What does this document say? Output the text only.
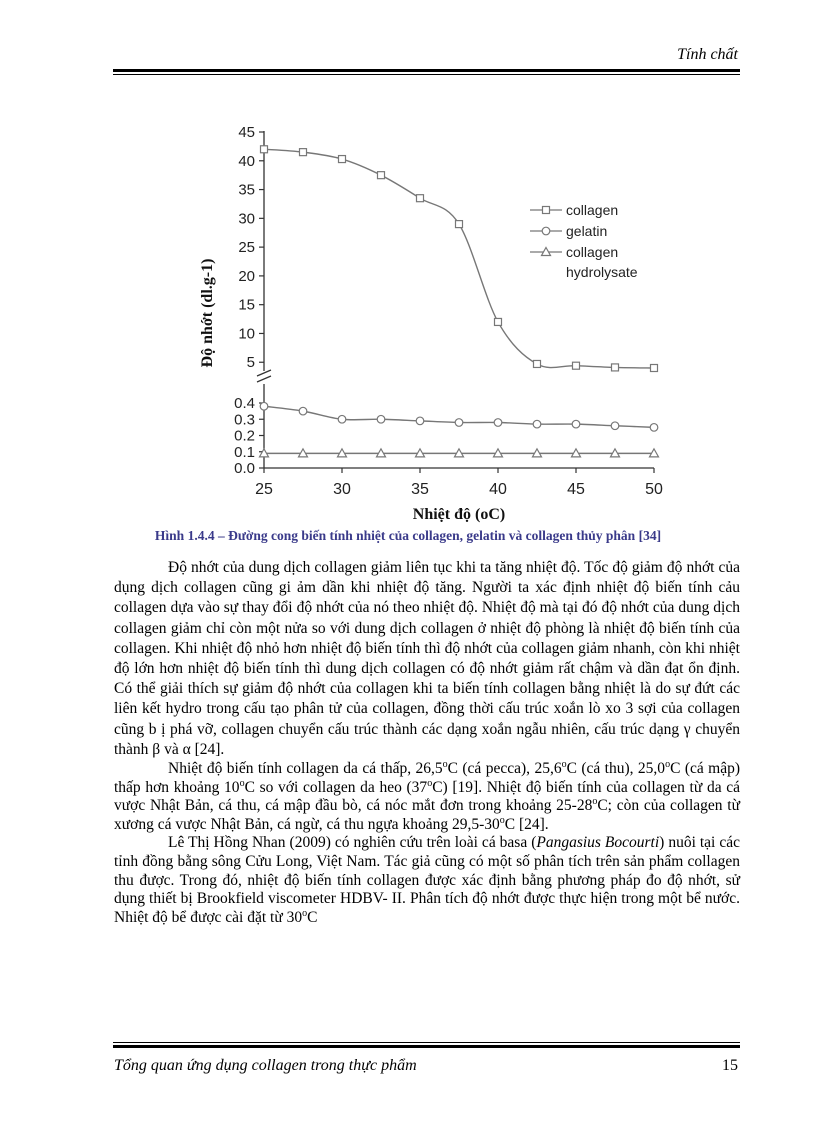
Tính chất
25	30	35	40	45	50
5
10
15
20
25
30
35
40
45
0.0
0.1
0.2
0.3
0.4
Nhiệt độ (oC)
Độ nhớt (dl.g-1)
collagen
gelatin
collagen
hydrolysate
Hình 1.4.4 – Đường cong biến tính nhiệt của collagen, gelatin và collagen thủy phân [34]

Độ nhớt của dung dịch collagen giảm liên tục khi ta tăng nhiệt độ. Tốc độ giảm độ nhớt của dụng dịch collagen cũng gi ảm dần khi nhiệt độ tăng. Người ta xác định nhiệt độ biến tính cảu collagen dựa vào sự thay đổi độ nhớt của nó theo nhiệt độ. Nhiệt độ mà tại đó độ nhớt của dung dịch collagen giảm chỉ còn một nửa so với dung dịch collagen ở nhiệt độ phòng là nhiệt độ biến tính của collagen. Khi nhiệt độ nhỏ hơn nhiệt độ biến tính thì độ nhớt của collagen giảm nhanh, còn khi nhiệt độ lớn hơn nhiệt độ biến tính thì dung dịch collagen có độ nhớt giảm rất chậm và dần đạt ổn định. Có thể giải thích sự giảm độ nhớt của collagen khi ta biến tính collagen bằng nhiệt là do sự đứt các liên kết hydro trong cấu tạo phân tử của collagen, đồng thời cấu trúc xoắn lò xo 3 sợi của collagen cũng b ị phá vỡ, collagen chuyển cấu trúc thành các dạng xoắn ngẫu nhiên, cấu trúc dạng γ chuyển thành β và α [24].

Nhiệt độ biến tính collagen da cá thấp, 26,5$^o$C (cá pecca), 25,6$^o$C (cá thu), 25,0$^o$C (cá mập) thấp hơn khoảng 10$^o$C so với collagen da heo (37$^o$C) [19]. Nhiệt độ biến tính của collagen từ da cá vược Nhật Bản, cá thu, cá mập đầu bò, cá nóc mắt đơn trong khoảng 25-28$^o$C; còn của collagen từ xương cá vược Nhật Bản, cá ngừ, cá thu ngựa khoảng 29,5-30$^o$C [24].

Lê Thị Hồng Nhan (2009) có nghiên cứu trên loài cá basa (Pangasius Bocourti) nuôi tại các tỉnh đồng bằng sông Cửu Long, Việt Nam. Tác giả cũng có một số phân tích trên sản phẩm collagen thu được. Trong đó, nhiệt độ biến tính collagen được xác định bằng phương pháp đo độ nhớt, sử dụng thiết bị Brookfield viscometer HDBV- II. Phân tích độ nhớt được thực hiện trong một bể nước. Nhiệt độ bể được cài đặt từ 30$^o$C

Tổng quan ứng dụng collagen trong thực phẩm	15
